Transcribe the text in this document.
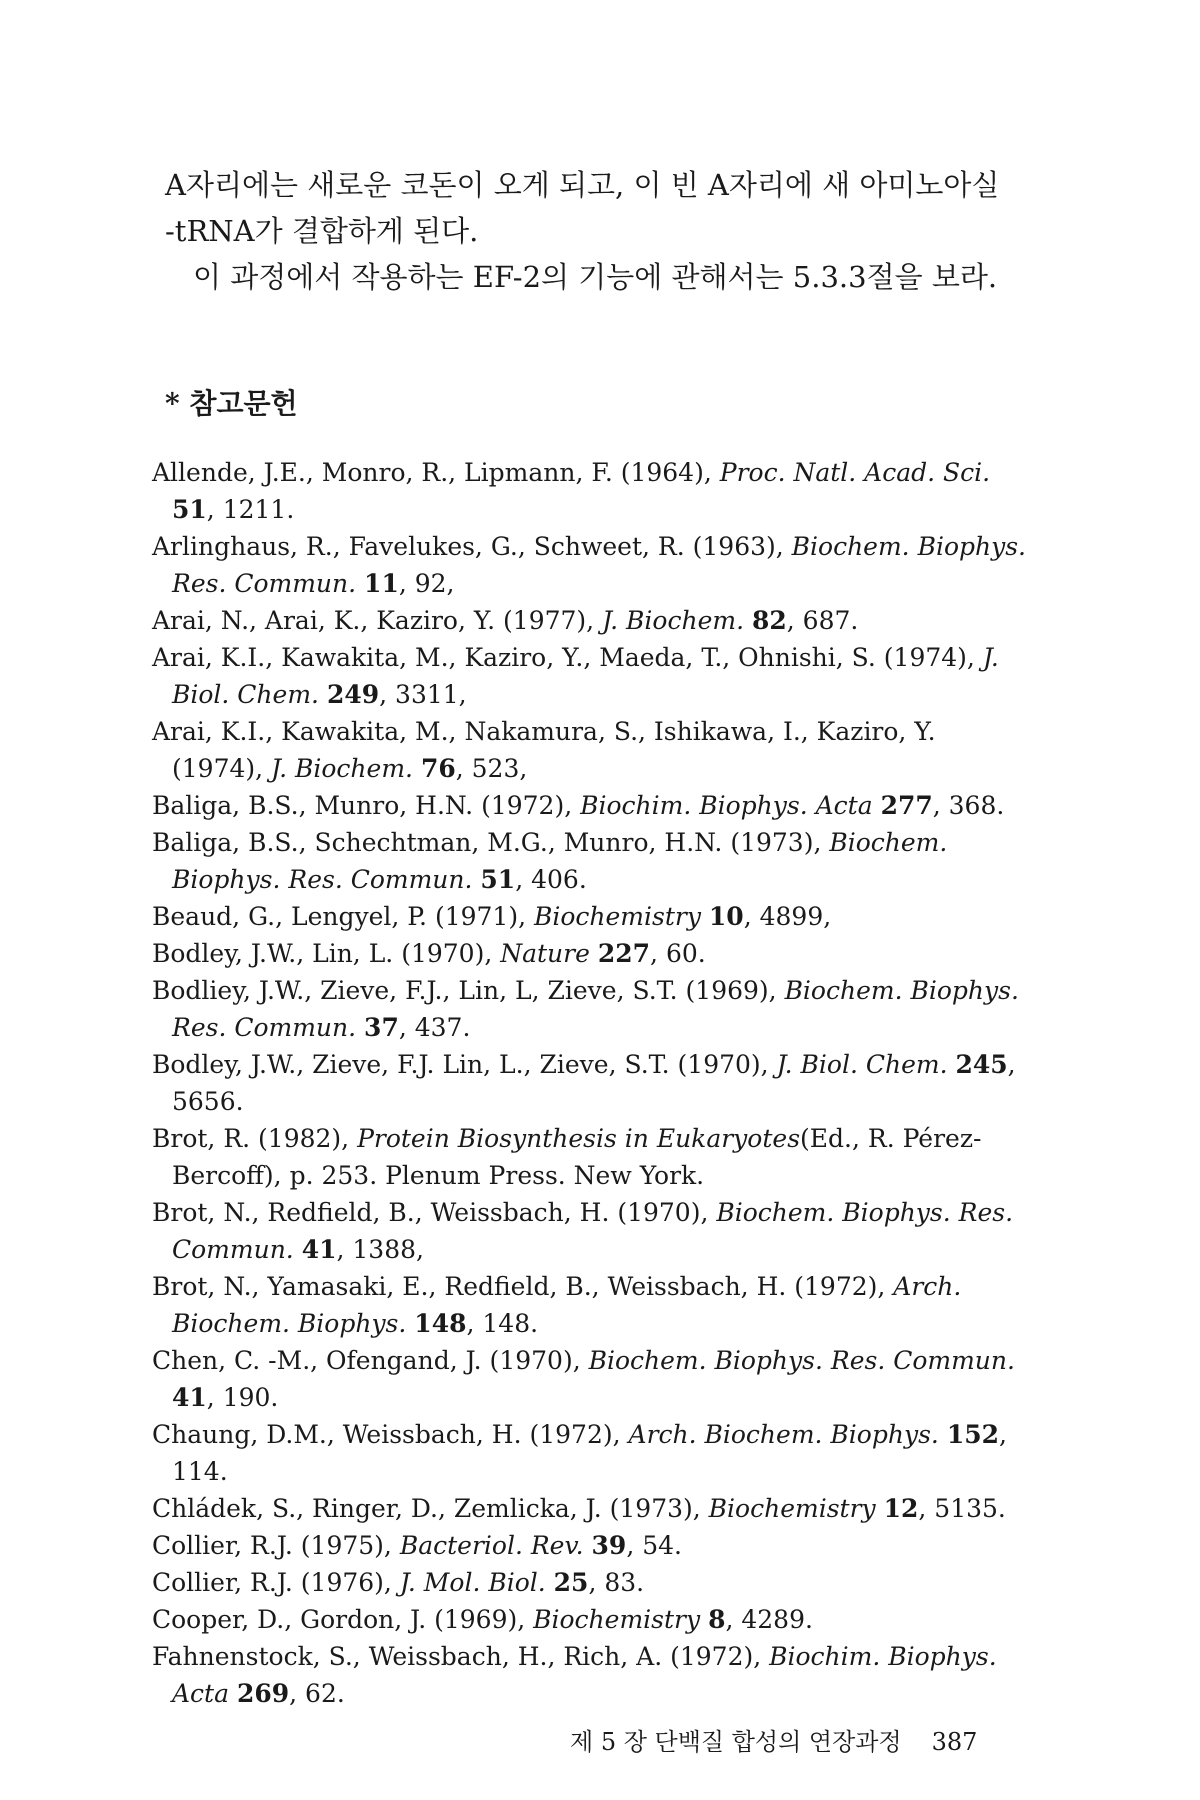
A자리에는 새로운 코돈이 오게 되고, 이 빈 A자리에 새 아미노아실

-tRNA가 결합하게 된다.

이 과정에서 작용하는 EF-2의 기능에 관해서는 5.3.3절을 보라.

* 참고문헌

Allende, J.E., Monro, R., Lipmann, F. (1964), Proc. Natl. Acad. Sci. 51, 1211.

Arlinghaus, R., Favelukes, G., Schweet, R. (1963), Biochem. Biophys. Res. Commun. 11, 92,

Arai, N., Arai, K., Kaziro, Y. (1977), J. Biochem. 82, 687.

Arai, K.I., Kawakita, M., Kaziro, Y., Maeda, T., Ohnishi, S. (1974), J. Biol. Chem. 249, 3311,

Arai, K.I., Kawakita, M., Nakamura, S., Ishikawa, I., Kaziro, Y. (1974), J. Biochem. 76, 523,

Baliga, B.S., Munro, H.N. (1972), Biochim. Biophys. Acta 277, 368.

Baliga, B.S., Schechtman, M.G., Munro, H.N. (1973), Biochem. Biophys. Res. Commun. 51, 406.

Beaud, G., Lengyel, P. (1971), Biochemistry 10, 4899,

Bodley, J.W., Lin, L. (1970), Nature 227, 60.

Bodliey, J.W., Zieve, F.J., Lin, L, Zieve, S.T. (1969), Biochem. Biophys. Res. Commun. 37, 437.

Bodley, J.W., Zieve, F.J. Lin, L., Zieve, S.T. (1970), J. Biol. Chem. 245, 5656.

Brot, R. (1982), Protein Biosynthesis in Eukaryotes(Ed., R. Pérez-Bercoff), p. 253. Plenum Press. New York.

Brot, N., Redfield, B., Weissbach, H. (1970), Biochem. Biophys. Res. Commun. 41, 1388,

Brot, N., Yamasaki, E., Redfield, B., Weissbach, H. (1972), Arch. Biochem. Biophys. 148, 148.

Chen, C. -M., Ofengand, J. (1970), Biochem. Biophys. Res. Commun. 41, 190.

Chaung, D.M., Weissbach, H. (1972), Arch. Biochem. Biophys. 152, 114.

Chládek, S., Ringer, D., Zemlicka, J. (1973), Biochemistry 12, 5135.

Collier, R.J. (1975), Bacteriol. Rev. 39, 54.

Collier, R.J. (1976), J. Mol. Biol. 25, 83.

Cooper, D., Gordon, J. (1969), Biochemistry 8, 4289.

Fahnenstock, S., Weissbach, H., Rich, A. (1972), Biochim. Biophys. Acta 269, 62.

제 5 장 단백질 합성의 연장과정 387
